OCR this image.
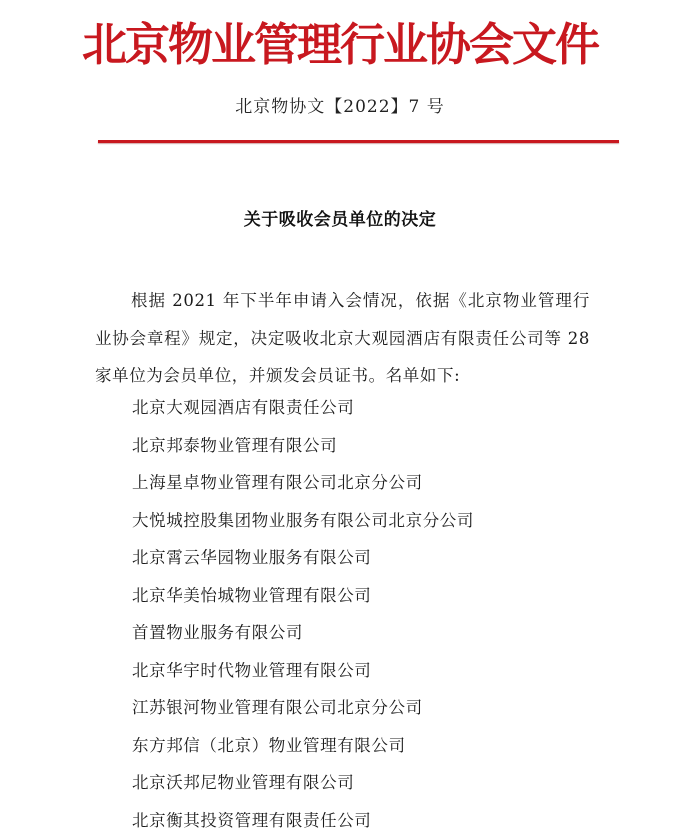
北京物业管理行业协会文件
北京物协文【2022】7 号
关于吸收会员单位的决定

根据 2021 年下半年申请入会情况，依据《北京物业管理行业协会章程》规定，决定吸收北京大观园酒店有限责任公司等 28 家单位为会员单位，并颁发会员证书。名单如下:

北京大观园酒店有限责任公司
北京邦泰物业管理有限公司
上海星卓物业管理有限公司北京分公司
大悦城控股集团物业服务有限公司北京分公司
北京霄云华园物业服务有限公司
北京华美怡城物业管理有限公司
首置物业服务有限公司
北京华宇时代物业管理有限公司
江苏银河物业管理有限公司北京分公司
东方邦信（北京）物业管理有限公司
北京沃邦尼物业管理有限公司
北京衡其投资管理有限责任公司
